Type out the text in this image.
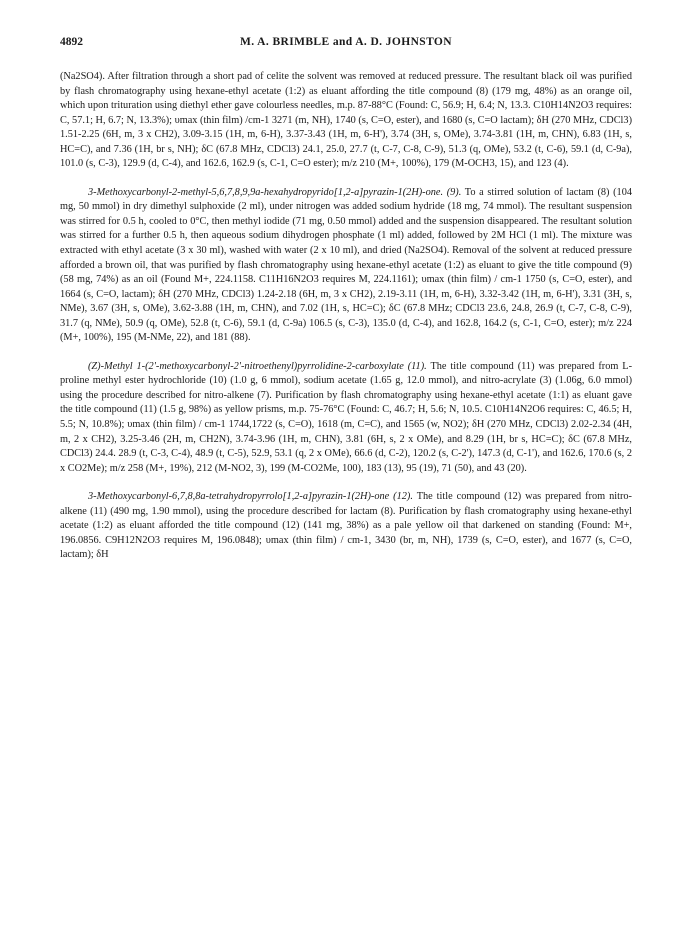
4892	M. A. BRIMBLE and A. D. JOHNSTON

(Na2SO4). After filtration through a short pad of celite the solvent was removed at reduced pressure. The resultant black oil was purified by flash chromatography using hexane-ethyl acetate (1:2) as eluant affording the title compound (8) (179 mg, 48%) as an orange oil, which upon trituration using diethyl ether gave colourless needles, m.p. 87-88°C (Found: C, 56.9; H, 6.4; N, 13.3. C10H14N2O3 requires: C, 57.1; H, 6.7; N, 13.3%); υmax (thin film) /cm-1 3271 (m, NH), 1740 (s, C=O, ester), and 1680 (s, C=O lactam); δH (270 MHz, CDCl3) 1.51-2.25 (6H, m, 3 x CH2), 3.09-3.15 (1H, m, 6-H), 3.37-3.43 (1H, m, 6-H'), 3.74 (3H, s, OMe), 3.74-3.81 (1H, m, CHN), 6.83 (1H, s, HC=C), and 7.36 (1H, br s, NH); δC (67.8 MHz, CDCl3) 24.1, 25.0, 27.7 (t, C-7, C-8, C-9), 51.3 (q, OMe), 53.2 (t, C-6), 59.1 (d, C-9a), 101.0 (s, C-3), 129.9 (d, C-4), and 162.6, 162.9 (s, C-1, C=O ester); m/z 210 (M+, 100%), 179 (M-OCH3, 15), and 123 (4).

3-Methoxycarbonyl-2-methyl-5,6,7,8,9,9a-hexahydropyrido[1,2-a]pyrazin-1(2H)-one. (9). To a stirred solution of lactam (8) (104 mg, 50 mmol) in dry dimethyl sulphoxide (2 ml), under nitrogen was added sodium hydride (18 mg, 74 mmol). The resultant suspension was stirred for 0.5 h, cooled to 0°C, then methyl iodide (71 mg, 0.50 mmol) added and the suspension disappeared. The resultant solution was stirred for a further 0.5 h, then aqueous sodium dihydrogen phosphate (1 ml) added, followed by 2M HCl (1 ml). The mixture was extracted with ethyl acetate (3 x 30 ml), washed with water (2 x 10 ml), and dried (Na2SO4). Removal of the solvent at reduced pressure afforded a brown oil, that was purified by flash chromatography using hexane-ethyl acetate (1:2) as eluant to give the title compound (9) (58 mg, 74%) as an oil (Found M+, 224.1158. C11H16N2O3 requires M, 224.1161); υmax (thin film) / cm-1 1750 (s, C=O, ester), and 1664 (s, C=O, lactam); δH (270 MHz, CDCl3) 1.24-2.18 (6H, m, 3 x CH2), 2.19-3.11 (1H, m, 6-H), 3.32-3.42 (1H, m, 6-H'), 3.31 (3H, s, NMe), 3.67 (3H, s, OMe), 3.62-3.88 (1H, m, CHN), and 7.02 (1H, s, HC=C); δC (67.8 MHz; CDCl3 23.6, 24.8, 26.9 (t, C-7, C-8, C-9), 31.7 (q, NMe), 50.9 (q, OMe), 52.8 (t, C-6), 59.1 (d, C-9a) 106.5 (s, C-3), 135.0 (d, C-4), and 162.8, 164.2 (s, C-1, C=O, ester); m/z 224 (M+, 100%), 195 (M-NMe, 22), and 181 (88).

(Z)-Methyl 1-(2'-methoxycarbonyl-2'-nitroethenyl)pyrrolidine-2-carboxylate (11). The title compound (11) was prepared from L-proline methyl ester hydrochloride (10) (1.0 g, 6 mmol), sodium acetate (1.65 g, 12.0 mmol), and nitro-acrylate (3) (1.06g, 6.0 mmol) using the procedure described for nitro-alkene (7). Purification by flash chromatography using hexane-ethyl acetate (1:1) as eluant gave the title compound (11) (1.5 g, 98%) as yellow prisms, m.p. 75-76°C (Found: C, 46.7; H, 5.6; N, 10.5. C10H14N2O6 requires: C, 46.5; H, 5.5; N, 10.8%); υmax (thin film) / cm-1 1744,1722 (s, C=O), 1618 (m, C=C), and 1565 (w, NO2); δH (270 MHz, CDCl3) 2.02-2.34 (4H, m, 2 x CH2), 3.25-3.46 (2H, m, CH2N), 3.74-3.96 (1H, m, CHN), 3.81 (6H, s, 2 x OMe), and 8.29 (1H, br s, HC=C); δC (67.8 MHz, CDCl3) 24.4. 28.9 (t, C-3, C-4), 48.9 (t, C-5), 52.9, 53.1 (q, 2 x OMe), 66.6 (d, C-2), 120.2 (s, C-2'), 147.3 (d, C-1'), and 162.6, 170.6 (s, 2 x CO2Me); m/z 258 (M+, 19%), 212 (M-NO2, 3), 199 (M-CO2Me, 100), 183 (13), 95 (19), 71 (50), and 43 (20).

3-Methoxycarbonyl-6,7,8,8a-tetrahydropyrrolo[1,2-a]pyrazin-1(2H)-one (12). The title compound (12) was prepared from nitro-alkene (11) (490 mg, 1.90 mmol), using the procedure described for lactam (8). Purification by flash cromatography using hexane-ethyl acetate (1:2) as eluant afforded the title compound (12) (141 mg, 38%) as a pale yellow oil that darkened on standing (Found: M+, 196.0856. C9H12N2O3 requires M, 196.0848); υmax (thin film) / cm-1, 3430 (br, m, NH), 1739 (s, C=O, ester), and 1677 (s, C=O, lactam); δH
